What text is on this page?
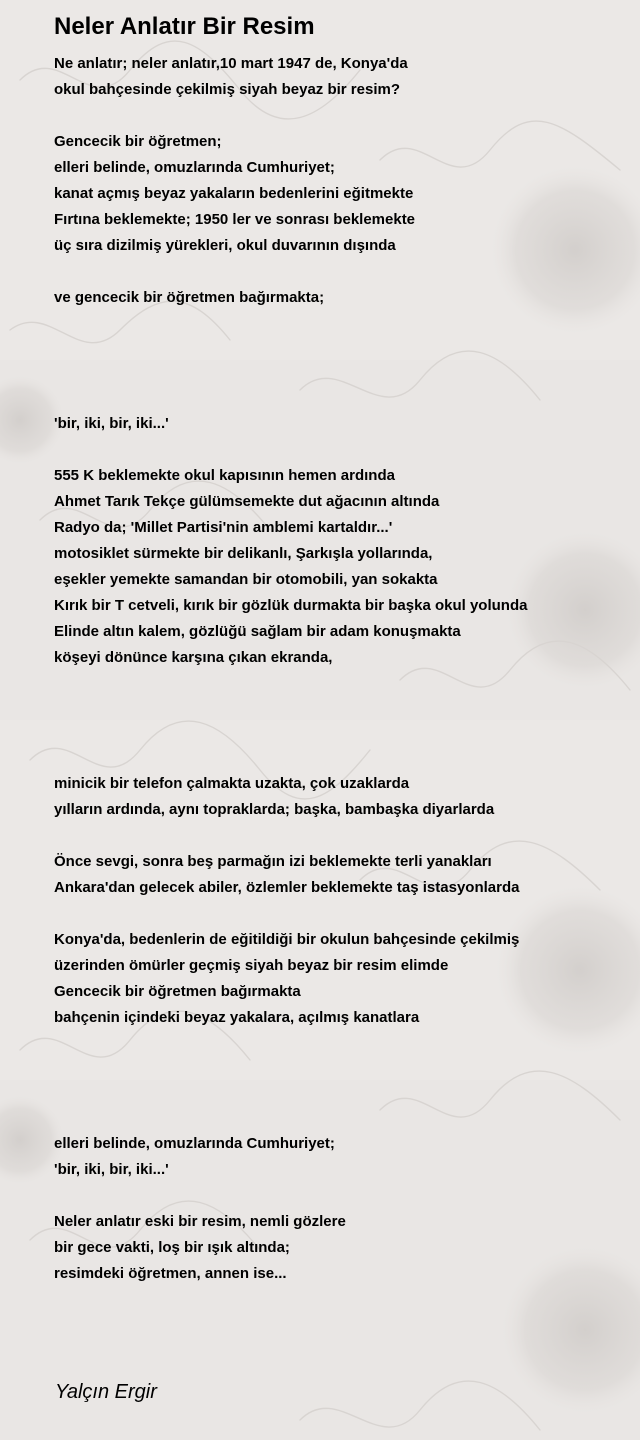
Neler Anlatır Bir Resim
Ne anlatır; neler anlatır,10 mart 1947 de, Konya'da
okul bahçesinde çekilmiş siyah beyaz bir resim?
Gencecik bir öğretmen;
elleri belinde, omuzlarında Cumhuriyet;
kanat açmış beyaz yakaların bedenlerini eğitmekte
Fırtına beklemekte; 1950 ler ve sonrası beklemekte
üç sıra dizilmiş yürekleri, okul duvarının dışında
ve gencecik bir öğretmen bağırmakta;
'bir, iki, bir, iki...'
555 K beklemekte okul kapısının hemen ardında
Ahmet Tarık Tekçe gülümsemekte dut ağacının altında
Radyo da; 'Millet Partisi'nin amblemi kartaldır...'
motosiklet sürmekte bir delikanlı, Şarkışla yollarında,
eşekler yemekte samandan bir otomobili, yan sokakta
Kırık bir T cetveli, kırık bir gözlük durmakta bir başka okul yolunda
Elinde altın kalem, gözlüğü sağlam bir adam konuşmakta
köşeyi dönünce karşına çıkan ekranda,
minicik bir telefon çalmakta uzakta, çok uzaklarda
yılların ardında, aynı topraklarda; başka, bambaşka diyarlarda
Önce sevgi, sonra beş parmağın izi beklemekte terli yanakları
Ankara'dan gelecek abiler, özlemler beklemekte taş istasyonlarda
Konya'da, bedenlerin de eğitildiği bir okulun bahçesinde çekilmiş
üzerinden ömürler geçmiş siyah beyaz bir resim elimde
Gencecik bir öğretmen bağırmakta
bahçenin içindeki beyaz yakalara, açılmış kanatlara
elleri belinde, omuzlarında Cumhuriyet;
'bir, iki, bir, iki...'
Neler anlatır eski bir resim, nemli gözlere
bir gece vakti, loş bir ışık altında;
resimdeki öğretmen, annen ise...
Yalçın Ergir
